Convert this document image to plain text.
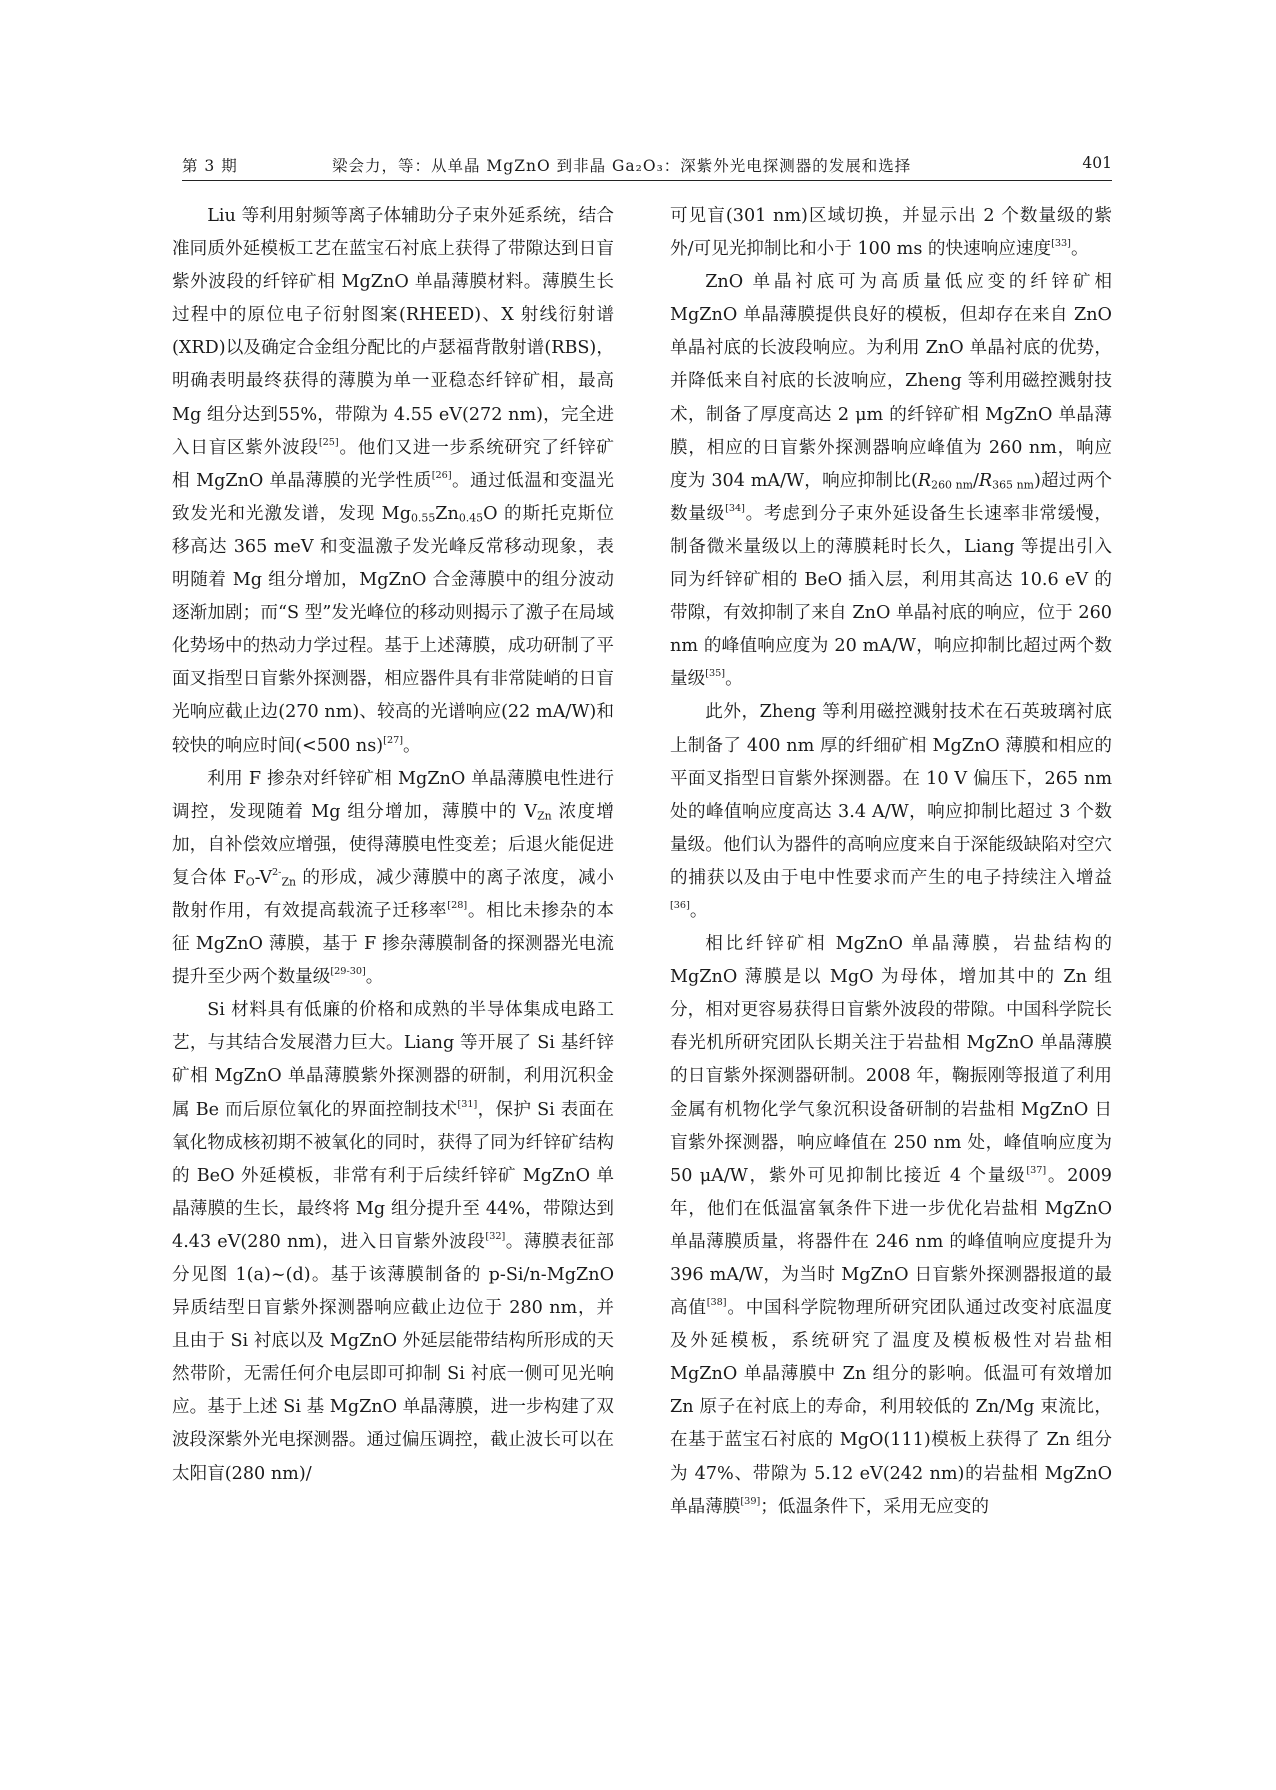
第 3 期	梁会力，等：从单晶 MgZnO 到非晶 Ga₂O₃：深紫外光电探测器的发展和选择	401

Liu 等利用射频等离子体辅助分子束外延系统，结合准同质外延模板工艺在蓝宝石衬底上获得了带隙达到日盲紫外波段的纤锌矿相 MgZnO 单晶薄膜材料。薄膜生长过程中的原位电子衍射图案(RHEED)、X 射线衍射谱(XRD)以及确定合金组分配比的卢瑟福背散射谱(RBS)，明确表明最终获得的薄膜为单一亚稳态纤锌矿相，最高 Mg 组分达到55%，带隙为 4.55 eV(272 nm)，完全进入日盲区紫外波段[25]。他们又进一步系统研究了纤锌矿相 MgZnO 单晶薄膜的光学性质[26]。通过低温和变温光致发光和光激发谱，发现 $Mg_{0.55}Zn_{0.45}O$ 的斯托克斯位移高达 365 meV 和变温激子发光峰反常移动现象，表明随着 Mg 组分增加，MgZnO 合金薄膜中的组分波动逐渐加剧；而“S 型”发光峰位的移动则揭示了激子在局域化势场中的热动力学过程。基于上述薄膜，成功研制了平面叉指型日盲紫外探测器，相应器件具有非常陡峭的日盲光响应截止边(270 nm)、较高的光谱响应(22 mA/W)和较快的响应时间(<500 ns)[27]。

利用 F 掺杂对纤锌矿相 MgZnO 单晶薄膜电性进行调控，发现随着 Mg 组分增加，薄膜中的 $V_{Zn}$ 浓度增加，自补偿效应增强，使得薄膜电性变差；后退火能促进复合体 $F_O-V^{2-}_{Zn}$ 的形成，减少薄膜中的离子浓度，减小散射作用，有效提高载流子迁移率[28]。相比未掺杂的本征 MgZnO 薄膜，基于 F 掺杂薄膜制备的探测器光电流提升至少两个数量级[29-30]。

Si 材料具有低廉的价格和成熟的半导体集成电路工艺，与其结合发展潜力巨大。Liang 等开展了 Si 基纤锌矿相 MgZnO 单晶薄膜紫外探测器的研制，利用沉积金属 Be 而后原位氧化的界面控制技术[31]，保护 Si 表面在氧化物成核初期不被氧化的同时，获得了同为纤锌矿结构的 BeO 外延模板，非常有利于后续纤锌矿 MgZnO 单晶薄膜的生长，最终将 Mg 组分提升至 44%，带隙达到 4.43 eV(280 nm)，进入日盲紫外波段[32]。薄膜表征部分见图 1(a)~(d)。基于该薄膜制备的 p-Si/n-MgZnO 异质结型日盲紫外探测器响应截止边位于 280 nm，并且由于 Si 衬底以及 MgZnO 外延层能带结构所形成的天然带阶，无需任何介电层即可抑制 Si 衬底一侧可见光响应。基于上述 Si 基 MgZnO 单晶薄膜，进一步构建了双波段深紫外光电探测器。通过偏压调控，截止波长可以在太阳盲(280 nm)/

可见盲(301 nm)区域切换，并显示出 2 个数量级的紫外/可见光抑制比和小于 100 ms 的快速响应速度[33]。

ZnO 单晶衬底可为高质量低应变的纤锌矿相 MgZnO 单晶薄膜提供良好的模板，但却存在来自 ZnO 单晶衬底的长波段响应。为利用 ZnO 单晶衬底的优势，并降低来自衬底的长波响应，Zheng 等利用磁控溅射技术，制备了厚度高达 2 μm 的纤锌矿相 MgZnO 单晶薄膜，相应的日盲紫外探测器响应峰值为 260 nm，响应度为 304 mA/W，响应抑制比$(R_{260 nm}/R_{365 nm})$超过两个数量级[34]。考虑到分子束外延设备生长速率非常缓慢，制备微米量级以上的薄膜耗时长久，Liang 等提出引入同为纤锌矿相的 BeO 插入层，利用其高达 10.6 eV 的带隙，有效抑制了来自 ZnO 单晶衬底的响应，位于 260 nm 的峰值响应度为 20 mA/W，响应抑制比超过两个数量级[35]。

此外，Zheng 等利用磁控溅射技术在石英玻璃衬底上制备了 400 nm 厚的纤细矿相 MgZnO 薄膜和相应的平面叉指型日盲紫外探测器。在 10 V 偏压下，265 nm 处的峰值响应度高达 3.4 A/W，响应抑制比超过 3 个数量级。他们认为器件的高响应度来自于深能级缺陷对空穴的捕获以及由于电中性要求而产生的电子持续注入增益[36]。

相比纤锌矿相 MgZnO 单晶薄膜，岩盐结构的 MgZnO 薄膜是以 MgO 为母体，增加其中的 Zn 组分，相对更容易获得日盲紫外波段的带隙。中国科学院长春光机所研究团队长期关注于岩盐相 MgZnO 单晶薄膜的日盲紫外探测器研制。2008 年，鞠振刚等报道了利用金属有机物化学气象沉积设备研制的岩盐相 MgZnO 日盲紫外探测器，响应峰值在 250 nm 处，峰值响应度为 50 μA/W，紫外可见抑制比接近 4 个量级[37]。2009 年，他们在低温富氧条件下进一步优化岩盐相 MgZnO 单晶薄膜质量，将器件在 246 nm 的峰值响应度提升为 396 mA/W，为当时 MgZnO 日盲紫外探测器报道的最高值[38]。中国科学院物理所研究团队通过改变衬底温度及外延模板，系统研究了温度及模板极性对岩盐相 MgZnO 单晶薄膜中 Zn 组分的影响。低温可有效增加 Zn 原子在衬底上的寿命，利用较低的 Zn/Mg 束流比，在基于蓝宝石衬底的 MgO(111)模板上获得了 Zn 组分为 47%、带隙为 5.12 eV(242 nm)的岩盐相 MgZnO 单晶薄膜[39]；低温条件下，采用无应变的
